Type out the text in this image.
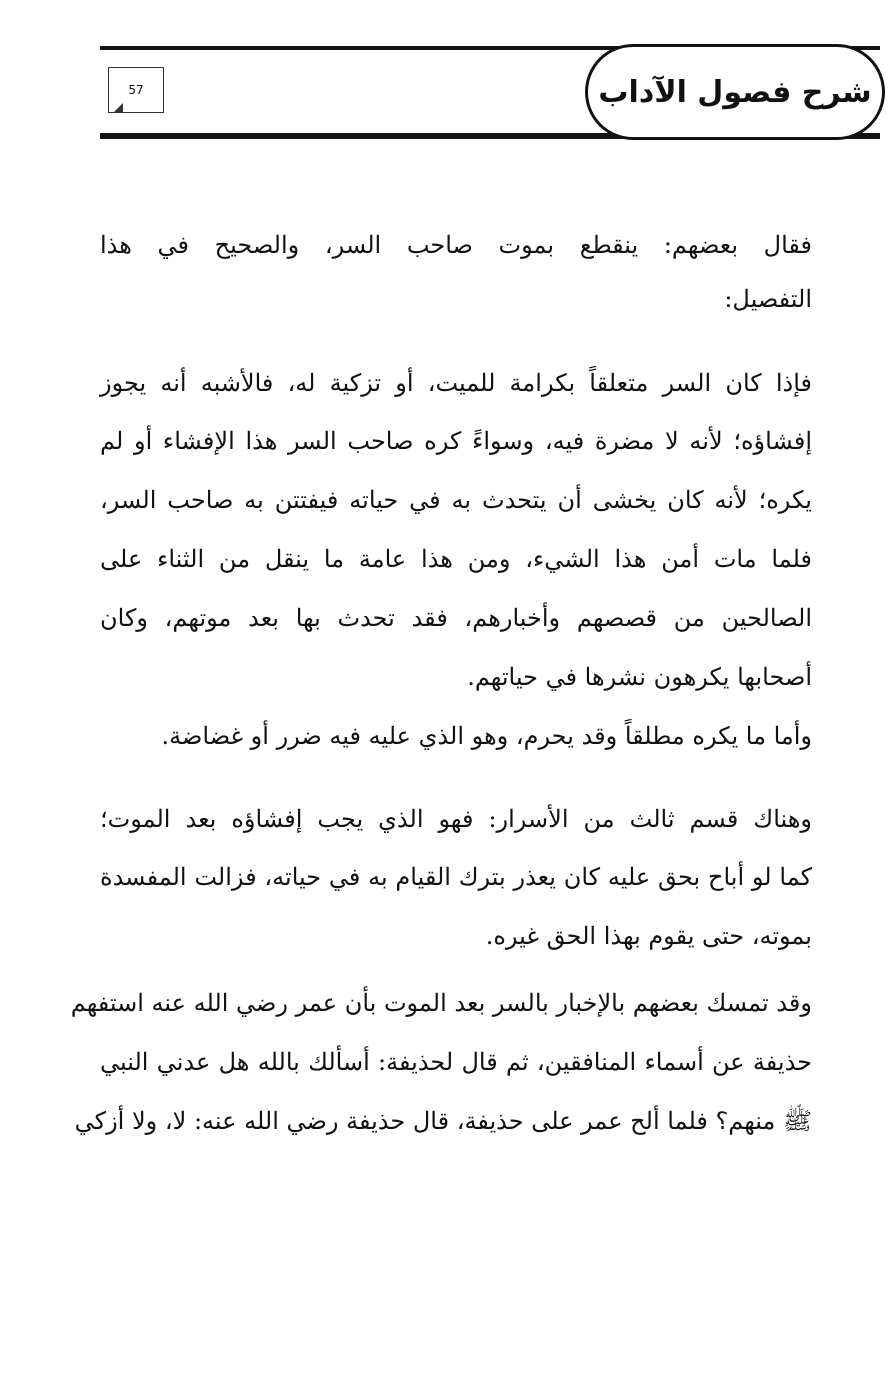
شرح فصول الآداب
57
فقال بعضهم: ينقطع بموت صاحب السر، والصحيح في هذا
التفصيل:
فإذا كان السر متعلقاً بكرامة للميت، أو تزكية له، فالأشبه أنه يجوز
إفشاؤه؛ لأنه لا مضرة فيه، وسواءً كره صاحب السر هذا الإفشاء أو لم
يكره؛ لأنه كان يخشى أن يتحدث به في حياته فيفتتن به صاحب السر،
فلما مات أمن هذا الشيء، ومن هذا عامة ما ينقل من الثناء على
الصالحين من قصصهم وأخبارهم، فقد تحدث بها بعد موتهم، وكان
أصحابها يكرهون نشرها في حياتهم.
وأما ما يكره مطلقاً وقد يحرم، وهو الذي عليه فيه ضرر أو غضاضة.
وهناك قسم ثالث من الأسرار: فهو الذي يجب إفشاؤه بعد الموت؛
كما لو أباح بحق عليه كان يعذر بترك القيام به في حياته، فزالت المفسدة
بموته، حتى يقوم بهذا الحق غيره.
وقد تمسك بعضهم بالإخبار بالسر بعد الموت بأن عمر رضي الله عنه استفهم
حذيفة عن أسماء المنافقين، ثم قال لحذيفة: أسألك بالله هل عدني النبي
ﷺ منهم؟ فلما ألح عمر على حذيفة، قال حذيفة رضي الله عنه: لا، ولا أزكي
